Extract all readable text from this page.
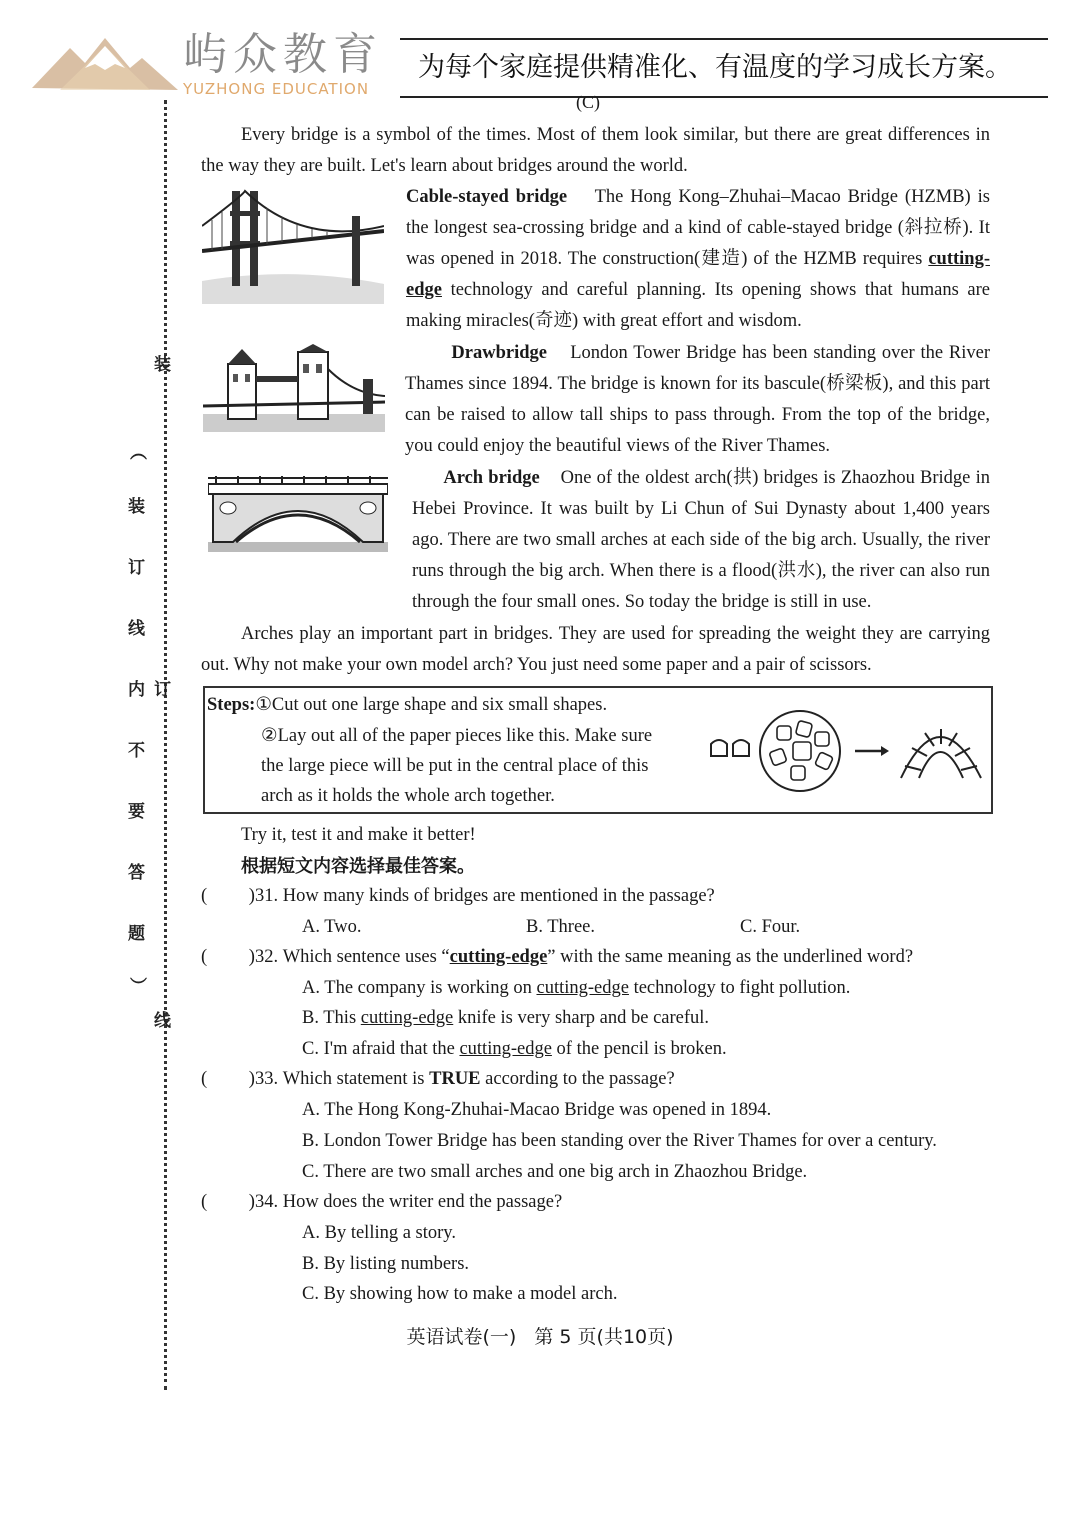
屿众教育
YUZHONG EDUCATION
为每个家庭提供精准化、有温度的学习成长方案。
装
︵
装
订
线
内 订
不
要
答
题
︶
线
(C)
Every bridge is a symbol of the times. Most of them look similar, but there are great differences in the way they are built. Let's learn about bridges around the world.
Cable-stayed bridge The Hong Kong–Zhuhai–Macao Bridge (HZMB) is the longest sea-crossing bridge and a kind of cable-stayed bridge (斜拉桥). It was opened in 2018. The construction(建造) of the HZMB requires cutting-edge technology and careful planning. Its opening shows that humans are making miracles(奇迹) with great effort and wisdom.
Drawbridge London Tower Bridge has been standing over the River Thames since 1894. The bridge is known for its bascule(桥梁板), and this part can be raised to allow tall ships to pass through. From the top of the bridge, you could enjoy the beautiful views of the River Thames.
Arch bridge One of the oldest arch(拱) bridges is Zhaozhou Bridge in Hebei Province. It was built by Li Chun of Sui Dynasty about 1,400 years ago. There are two small arches at each side of the big arch. Usually, the river runs through the big arch. When there is a flood(洪水), the river can also run through the four small ones. So today the bridge is still in use.
Arches play an important part in bridges. They are used for spreading the weight they are carrying out. Why not make your own model arch? You just need some paper and a pair of scissors.
Steps:①Cut out one large shape and six small shapes.
②Lay out all of the paper pieces like this. Make sure
the large piece will be put in the central place of this
arch as it holds the whole arch together.
Try it, test it and make it better!
根据短文内容选择最佳答案。
(         )31. How many kinds of bridges are mentioned in the passage?
A. Two.	B. Three.	C. Four.
(         )32. Which sentence uses “cutting-edge” with the same meaning as the underlined word?
A. The company is working on cutting-edge technology to fight pollution.
B. This cutting-edge knife is very sharp and be careful.
C. I'm afraid that the cutting-edge of the pencil is broken.
(         )33. Which statement is TRUE according to the passage?
A. The Hong Kong-Zhuhai-Macao Bridge was opened in 1894.
B. London Tower Bridge has been standing over the River Thames for over a century.
C. There are two small arches and one big arch in Zhaozhou Bridge.
(         )34. How does the writer end the passage?
A. By telling a story.
B. By listing numbers.
C. By showing how to make a model arch.
英语试卷(一)   第 5 页(共10页)
